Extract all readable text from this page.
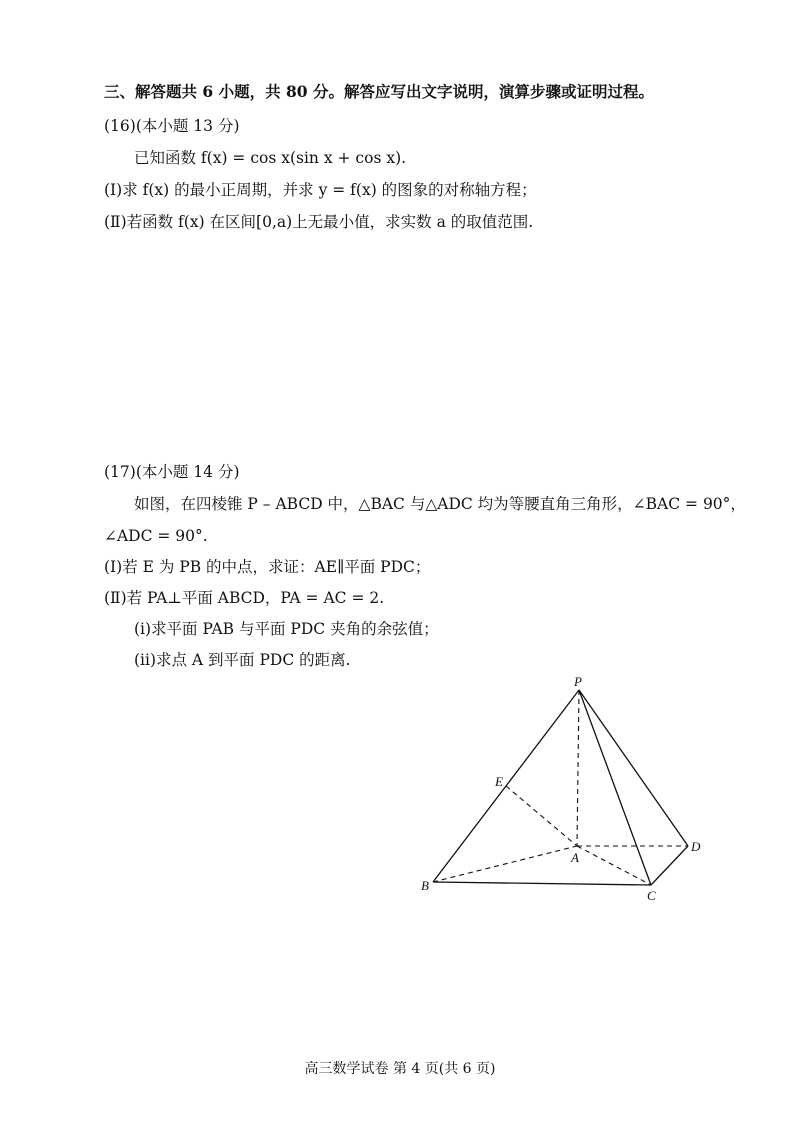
三、解答题共 6 小题，共 80 分。解答应写出文字说明，演算步骤或证明过程。
(16)(本小题 13 分)
已知函数 f(x) = cos x(sin x + cos x).
(Ⅰ)求 f(x) 的最小正周期，并求 y = f(x) 的图象的对称轴方程；
(Ⅱ)若函数 f(x) 在区间[0,a)上无最小值，求实数 a 的取值范围.
(17)(本小题 14 分)
如图，在四棱锥 P – ABCD 中，△BAC 与△ADC 均为等腰直角三角形，∠BAC = 90°，
∠ADC = 90°.
(Ⅰ)若 E 为 PB 的中点，求证：AE∥平面 PDC；
(Ⅱ)若 PA⊥平面 ABCD，PA = AC = 2.
(ⅰ)求平面 PAB 与平面 PDC 夹角的余弦值；
(ⅱ)求点 A 到平面 PDC 的距离.
P
E
A
B
C
D
高三数学试卷 第 4 页(共 6 页)
